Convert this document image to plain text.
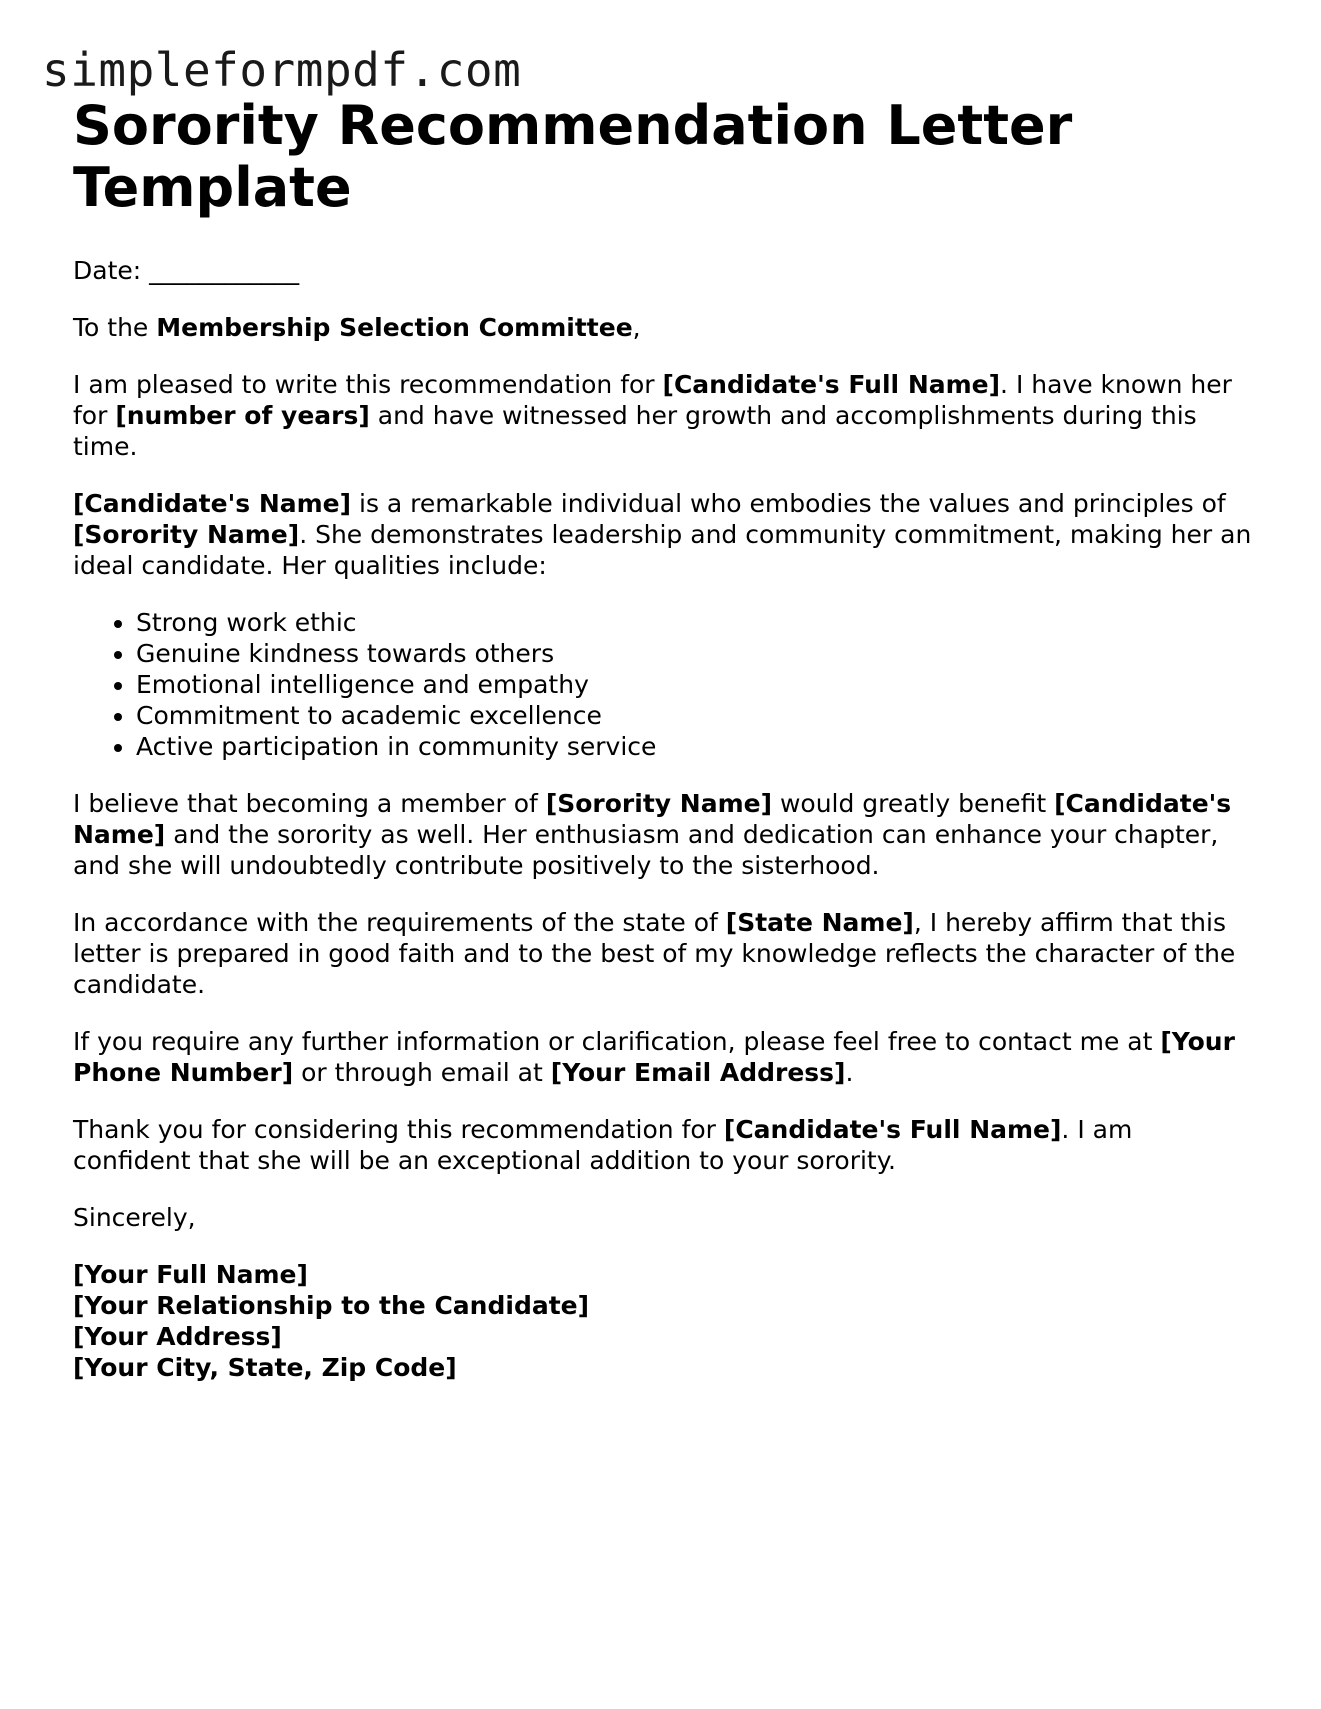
simpleformpdf.com
Sorority Recommendation Letter Template

Date: ____________

To the Membership Selection Committee,

I am pleased to write this recommendation for [Candidate's Full Name]. I have known her for [number of years] and have witnessed her growth and accomplishments during this time.

[Candidate's Name] is a remarkable individual who embodies the values and principles of [Sorority Name]. She demonstrates leadership and community commitment, making her an ideal candidate. Her qualities include:

• Strong work ethic
• Genuine kindness towards others
• Emotional intelligence and empathy
• Commitment to academic excellence
• Active participation in community service

I believe that becoming a member of [Sorority Name] would greatly benefit [Candidate's Name] and the sorority as well. Her enthusiasm and dedication can enhance your chapter, and she will undoubtedly contribute positively to the sisterhood.

In accordance with the requirements of the state of [State Name], I hereby affirm that this letter is prepared in good faith and to the best of my knowledge reflects the character of the candidate.

If you require any further information or clarification, please feel free to contact me at [Your Phone Number] or through email at [Your Email Address].

Thank you for considering this recommendation for [Candidate's Full Name]. I am confident that she will be an exceptional addition to your sorority.

Sincerely,

[Your Full Name]
[Your Relationship to the Candidate]
[Your Address]
[Your City, State, Zip Code]
